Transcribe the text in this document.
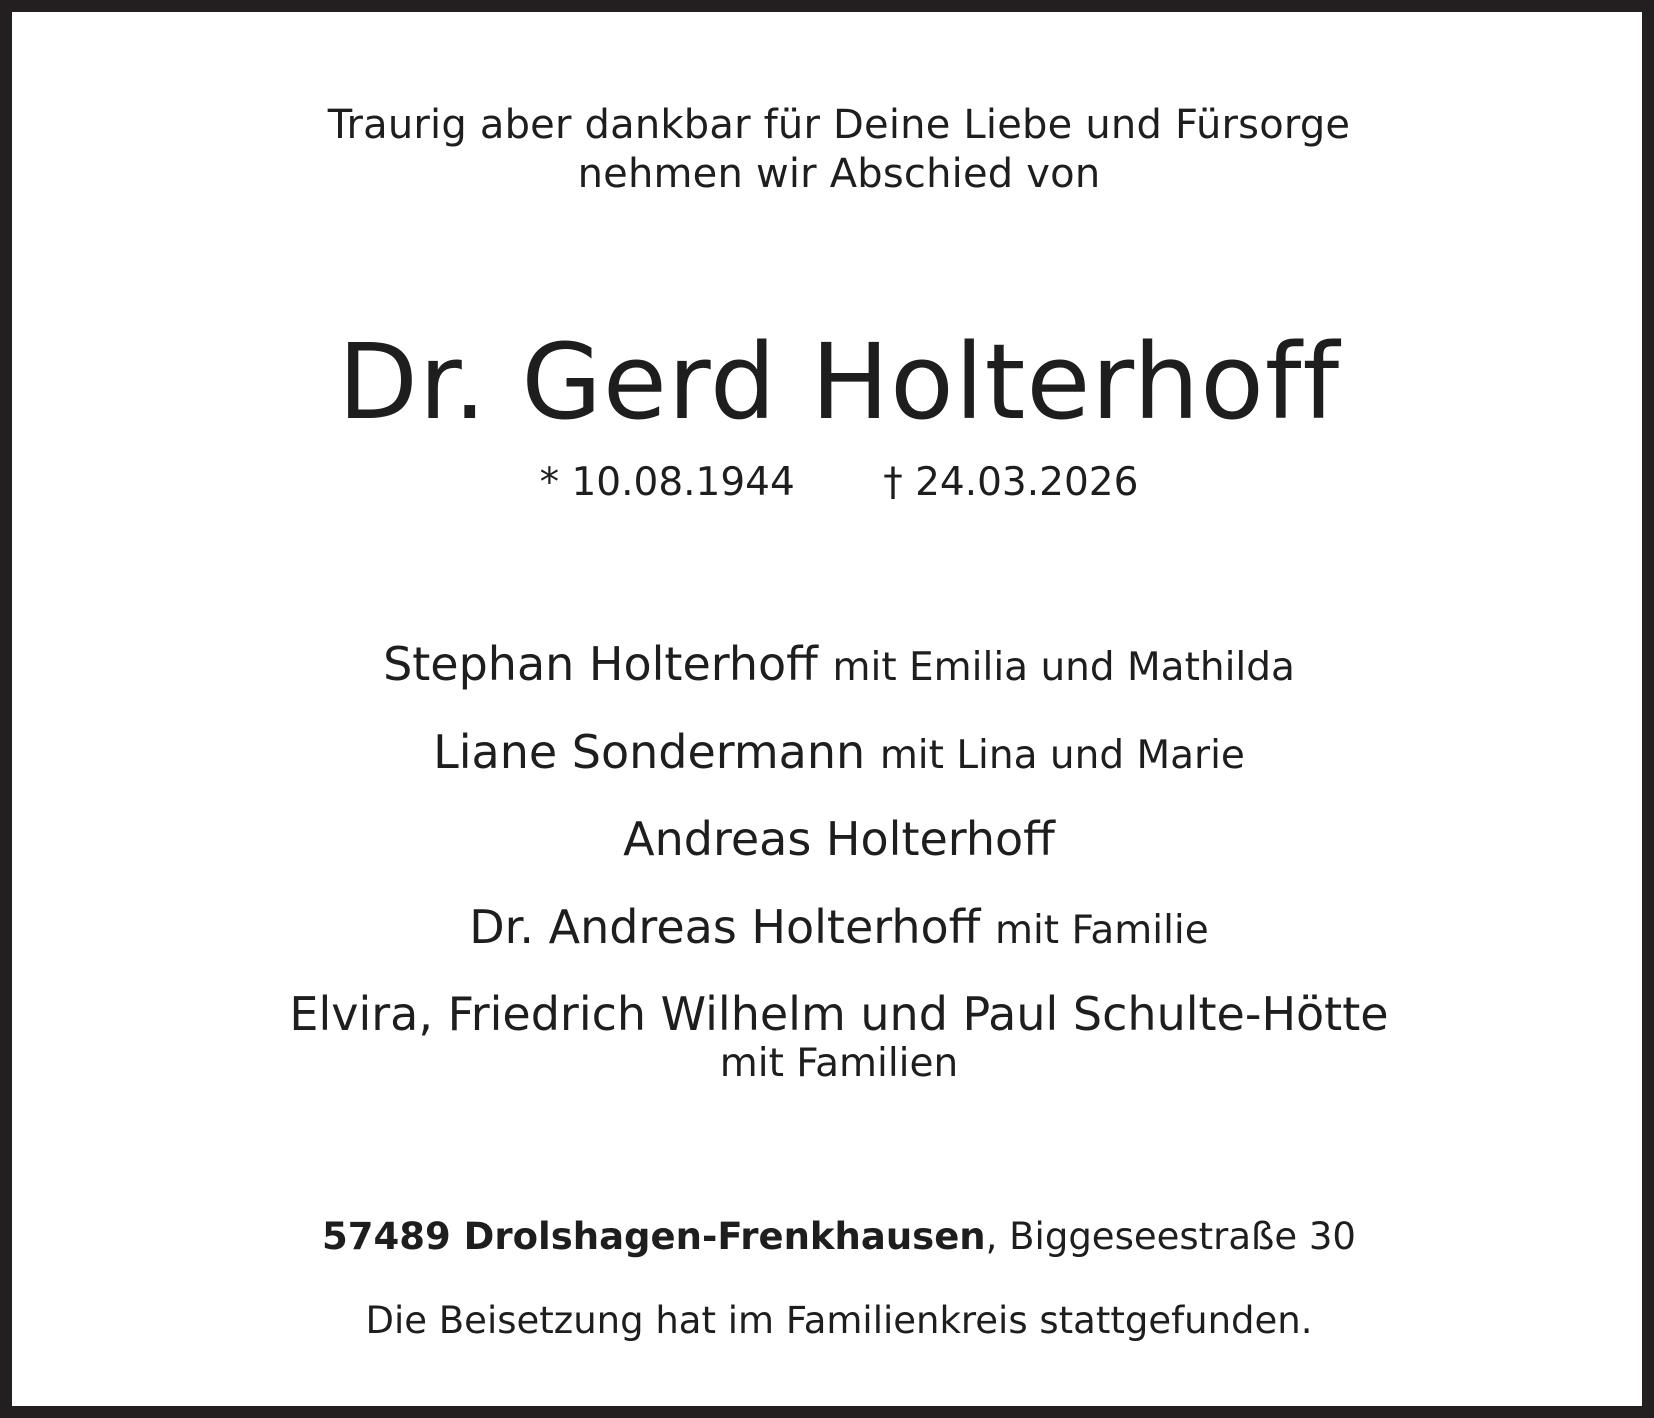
Traurig aber dankbar für Deine Liebe und Fürsorge
nehmen wir Abschied von
Dr. Gerd Holterhoff
* 10.08.1944 † 24.03.2026
Stephan Holterhoff mit Emilia und Mathilda
Liane Sondermann mit Lina und Marie
Andreas Holterhoff
Dr. Andreas Holterhoff mit Familie
Elvira, Friedrich Wilhelm und Paul Schulte-Hötte
mit Familien
57489 Drolshagen-Frenkhausen, Biggeseestraße 30
Die Beisetzung hat im Familienkreis stattgefunden.
